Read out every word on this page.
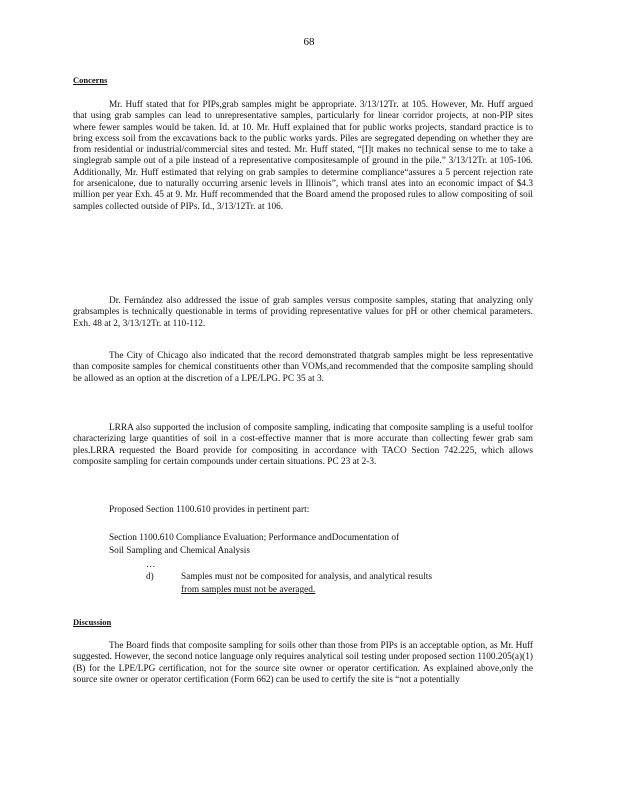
68
Concerns

Mr. Huff stated that for PIPs,grab samples might be appropriate. 3/13/12Tr. at 105. However, Mr. Huff argued that using grab samples can lead to unrepresentative samples, particularly for linear corridor projects, at non-PIP sites where fewer samples would be taken. Id. at 10. Mr. Huff explained that for public works projects, standard practice is to bring excess soil from the excavations back to the public works yards. Piles are segregated depending on whether they are from residential or industrial/commercial sites and tested. Mr. Huff stated, “[I]t makes no technical sense to me to take a singlegrab sample out of a pile instead of a representative compositesample of ground in the pile.” 3/13/12Tr. at 105-106. Additionally, Mr. Huff estimated that relying on grab samples to determine compliance“assures a 5 percent rejection rate for arsenicalone, due to naturally occurring arsenic levels in Illinois”, which transl ates into an economic impact of $4.3 million per year Exh. 45 at 9. Mr. Huff recommended that the Board amend the proposed rules to allow compositing of soil samples collected outside of PIPs. Id., 3/13/12Tr. at 106.

Dr. Fernández also addressed the issue of grab samples versus composite samples, stating that analyzing only grabsamples is technically questionable in terms of providing representative values for pH or other chemical parameters. Exh. 48 at 2, 3/13/12Tr. at 110-112.

The City of Chicago also indicated that the record demonstrated thatgrab samples might be less representative than composite samples for chemical constituents other than VOMs,and recommended that the composite sampling should be allowed as an option at the discretion of a LPE/LPG. PC 35 at 3.

LRRA also supported the inclusion of composite sampling, indicating that composite sampling is a useful toolfor characterizing large quantities of soil in a cost-effective manner that is more accurate than collecting fewer grab sam ples.LRRA requested the Board provide for compositing in accordance with TACO Section 742.225, which allows composite sampling for certain compounds under certain situations. PC 23 at 2-3.

Proposed Section 1100.610 provides in pertinent part:

Section 1100.610 Compliance Evaluation; Performance andDocumentation of

Soil Sampling and Chemical Analysis

…

d)	Samples must not be composited for analysis, and analytical results

from samples must not be averaged.

Discussion

The Board finds that composite sampling for soils other than those from PIPs is an acceptable option, as Mr. Huff suggested. However, the second notice language only requires analytical soil testing under proposed section 1100.205(a)(1)(B) for the LPE/LPG certification, not for the source site owner or operator certification. As explained above,only the source site owner or operator certification (Form 662) can be used to certify the site is “not a potentially
